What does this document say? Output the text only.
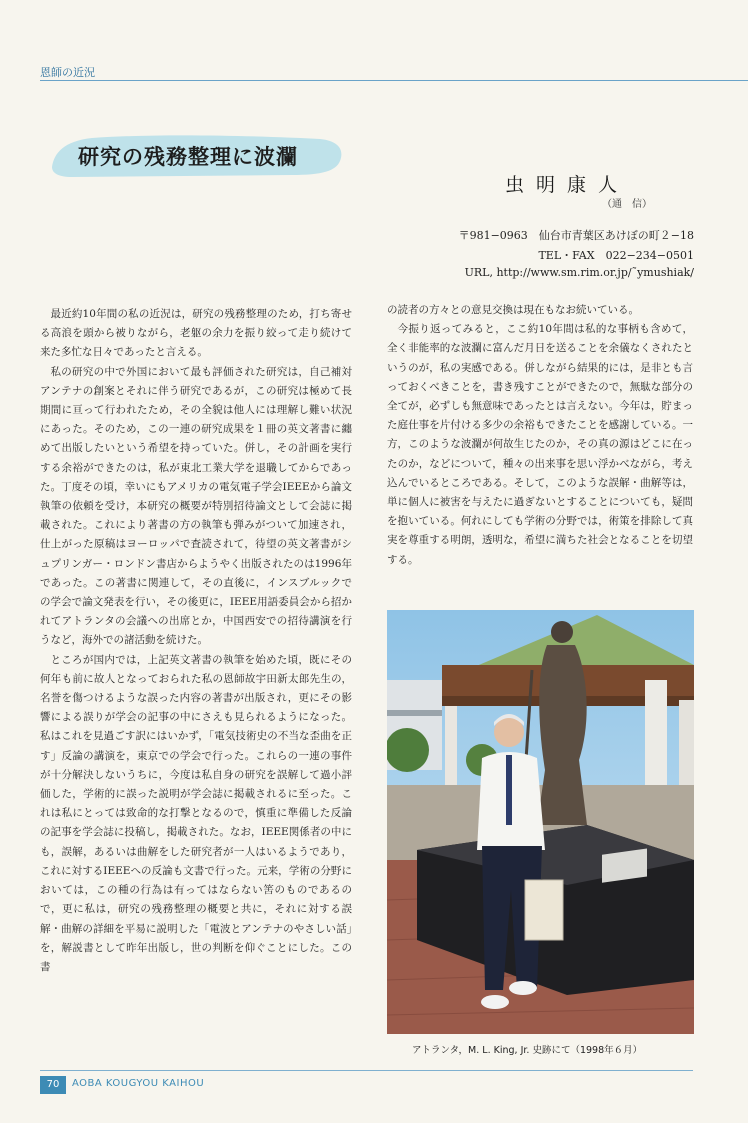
恩師の近況
研究の残務整理に波瀾
虫明康人
（通　信）
〒981−0963　仙台市青葉区あけぼの町２−18
TEL・FAX　022−234−0501
URL, http://www.sm.rim.or.jp/˜ymushiak/

最近約10年間の私の近況は，研究の残務整理のため，打ち寄せる高浪を頭から被りながら，老躯の余力を振り絞って走り続けて来た多忙な日々であったと言える。

私の研究の中で外国において最も評価された研究は，自己補対アンテナの創案とそれに伴う研究であるが，この研究は極めて長期間に亘って行われたため，その全貌は他人には理解し難い状況にあった。そのため，この一連の研究成果を１冊の英文著書に纏めて出版したいという希望を持っていた。併し，その計画を実行する余裕ができたのは，私が東北工業大学を退職してからであった。丁度その頃，幸いにもアメリカの電気電子学会IEEEから論文執筆の依頼を受け，本研究の概要が特別招待論文として会誌に掲載された。これにより著書の方の執筆も弾みがついて加速され，仕上がった原稿はヨーロッパで査読されて，待望の英文著書がシュプリンガー・ロンドン書店からようやく出版されたのは1996年であった。この著書に関連して，その直後に，インスブルックでの学会で論文発表を行い，その後更に，IEEE用語委員会から招かれてアトランタの会議への出席とか，中国西安での招待講演を行うなど，海外での諸活動を続けた。

ところが国内では，上記英文著書の執筆を始めた頃，既にその何年も前に故人となっておられた私の恩師故宇田新太郎先生の，名誉を傷つけるような誤った内容の著書が出版され，更にその影響による誤りが学会の記事の中にさえも見られるようになった。私はこれを見過ごす訳にはいかず，「電気技術史の不当な歪曲を正す」反論の講演を，東京での学会で行った。これらの一連の事件が十分解決しないうちに，今度は私自身の研究を誤解して過小評価した，学術的に誤った説明が学会誌に掲載されるに至った。これは私にとっては致命的な打撃となるので，慎重に準備した反論の記事を学会誌に投稿し，掲載された。なお，IEEE関係者の中にも，誤解，あるいは曲解をした研究者が一人はいるようであり，これに対するIEEEへの反論も文書で行った。元来，学術の分野においては，この種の行為は有ってはならない筈のものであるので，更に私は，研究の残務整理の概要と共に，それに対する誤解・曲解の詳細を平易に説明した「電波とアンテナのやさしい話」を，解説書として昨年出版し，世の判断を仰ぐことにした。この書

の読者の方々との意見交換は現在もなお続いている。

今振り返ってみると，ここ約10年間は私的な事柄も含めて，全く非能率的な波瀾に富んだ月日を送ることを余儀なくされたというのが，私の実感である。併しながら結果的には，是非とも言っておくべきことを，書き残すことができたので，無駄な部分の全てが，必ずしも無意味であったとは言えない。今年は，貯まった庭仕事を片付ける多少の余裕もできたことを感謝している。一方，このような波瀾が何故生じたのか，その真の源はどこに在ったのか，などについて，種々の出来事を思い浮かべながら，考え込んでいるところである。そして，このような誤解・曲解等は，単に個人に被害を与えたに過ぎないとすることについても，疑問を抱いている。何れにしても学術の分野では，術策を排除して真実を尊重する明朗，透明な，希望に満ちた社会となることを切望する。

アトランタ，M. L. King, Jr. 史跡にて（1998年６月）
70	AOBA KOUGYOU KAIHOU
